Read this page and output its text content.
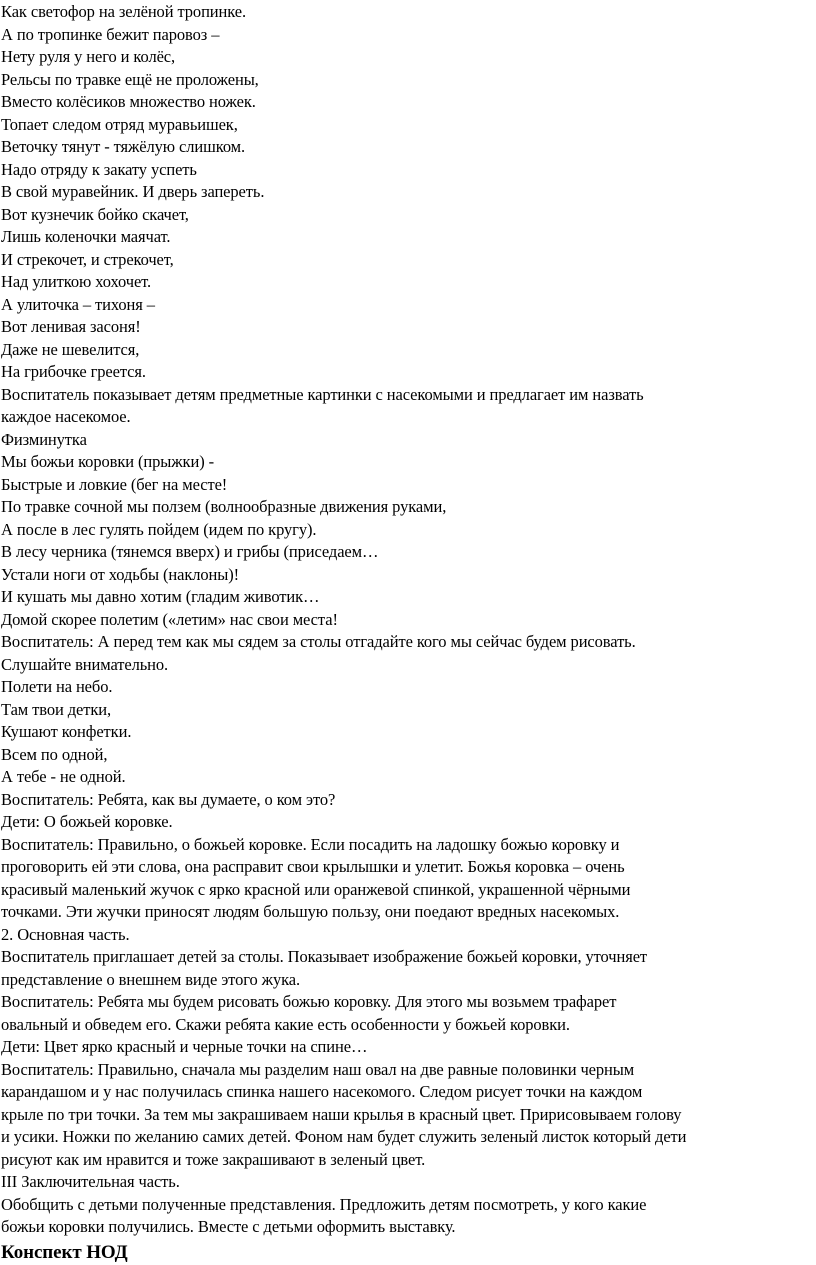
Как светофор на зелёной тропинке.
А по тропинке бежит паровоз –
Нету руля у него и колёс,
Рельсы по травке ещё не проложены,
Вместо колёсиков множество ножек.
Топает следом отряд муравьишек,
Веточку тянут - тяжёлую слишком.
Надо отряду к закату успеть
В свой муравейник. И дверь запереть.
Вот кузнечик бойко скачет,
Лишь коленочки маячат.
И стрекочет, и стрекочет,
Над улиткою хохочет.
А улиточка – тихоня –
Вот ленивая засоня!
Даже не шевелится,
На грибочке греется.
Воспитатель показывает детям предметные картинки с насекомыми и предлагает им назвать
каждое насекомое.
Физминутка
Мы божьи коровки (прыжки) -
Быстрые и ловкие (бег на месте!
По травке сочной мы ползем (волнообразные движения руками,
А после в лес гулять пойдем (идем по кругу).
В лесу черника (тянемся вверх) и грибы (приседаем…
Устали ноги от ходьбы (наклоны)!
И кушать мы давно хотим (гладим животик…
Домой скорее полетим («летим» нас свои места!
Воспитатель: А перед тем как мы сядем за столы отгадайте кого мы сейчас будем рисовать.
Слушайте внимательно.
Полети на небо.
Там твои детки,
Кушают конфетки.
Всем по одной,
А тебе - не одной.
Воспитатель: Ребята, как вы думаете, о ком это?
Дети: О божьей коровке.
Воспитатель: Правильно, о божьей коровке. Если посадить на ладошку божью коровку и
проговорить ей эти слова, она расправит свои крылышки и улетит. Божья коровка – очень
красивый маленький жучок с ярко красной или оранжевой спинкой, украшенной чёрными
точками. Эти жучки приносят людям большую пользу, они поедают вредных насекомых.
2. Основная часть.
Воспитатель приглашает детей за столы. Показывает изображение божьей коровки, уточняет
представление о внешнем виде этого жука.
Воспитатель: Ребята мы будем рисовать божью коровку. Для этого мы возьмем трафарет
овальный и обведем его. Скажи ребята какие есть особенности у божьей коровки.
Дети: Цвет ярко красный и черные точки на спине…
Воспитатель: Правильно, сначала мы разделим наш овал на две равные половинки черным
карандашом и у нас получилась спинка нашего насекомого. Следом рисует точки на каждом
крыле по три точки. За тем мы закрашиваем наши крылья в красный цвет. Пририсовываем голову
и усики. Ножки по желанию самих детей. Фоном нам будет служить зеленый листок который дети
рисуют как им нравится и тоже закрашивают в зеленый цвет.
III Заключительная часть.
Обобщить с детьми полученные представления. Предложить детям посмотреть, у кого какие
божьи коровки получились. Вместе с детьми оформить выставку.
Конспект НОД
